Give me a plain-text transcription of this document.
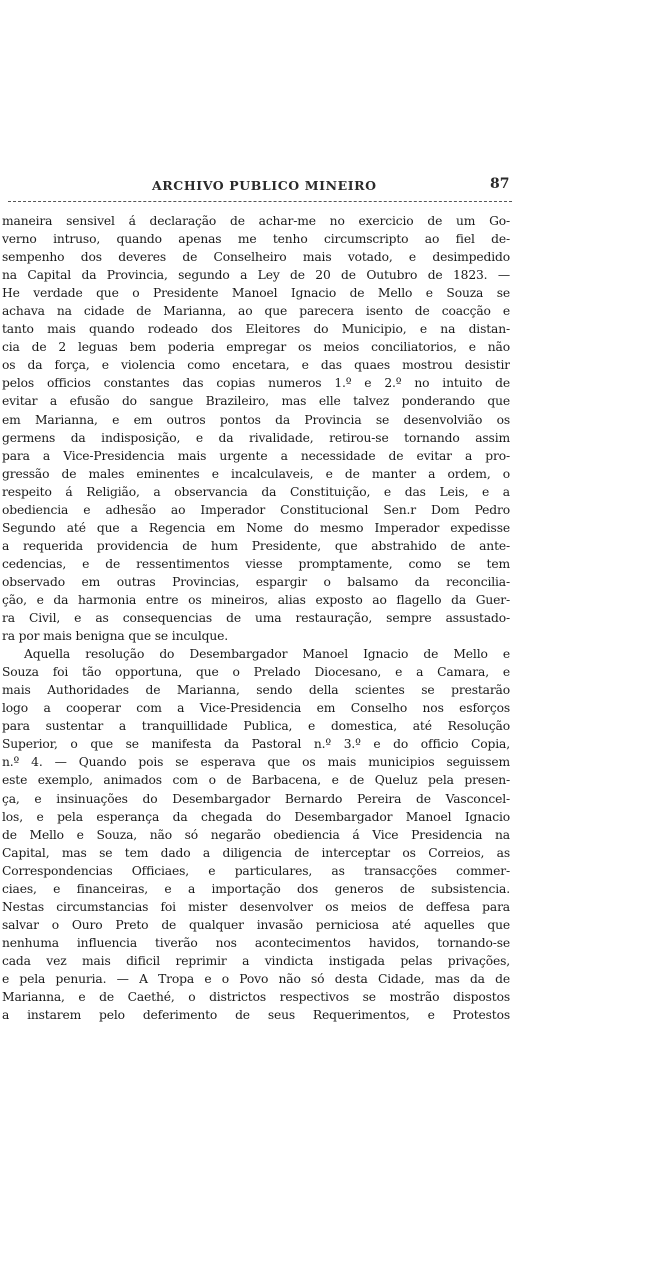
ARCHIVO PUBLICO MINEIRO	87
maneira sensivel á declaração de achar-me no exercicio de um Go-
verno intruso, quando apenas me tenho circumscripto ao fiel de-
sempenho dos deveres de Conselheiro mais votado, e desimpedido
na Capital da Provincia, segundo a Ley de 20 de Outubro de 1823. —
He verdade que o Presidente Manoel Ignacio de Mello e Souza se
achava na cidade de Marianna, ao que parecera isento de coacção e
tanto mais quando rodeado dos Eleitores do Municipio, e na distan-
cia de 2 leguas bem poderia empregar os meios conciliatorios, e não
os da força, e violencia como encetara, e das quaes mostrou desistir
pelos officios constantes das copias numeros 1.º e 2.º no intuito de
evitar a efusão do sangue Brazileiro, mas elle talvez ponderando que
em Marianna, e em outros pontos da Provincia se desenvolvião os
germens da indisposição, e da rivalidade, retirou-se tornando assim
para a Vice-Presidencia mais urgente a necessidade de evitar a pro-
gressão de males eminentes e incalculaveis, e de manter a ordem, o
respeito á Religião, a observancia da Constituição, e das Leis, e a
obediencia e adhesão ao Imperador Constitucional Sen.r Dom Pedro
Segundo até que a Regencia em Nome do mesmo Imperador expedisse
a requerida providencia de hum Presidente, que abstrahido de ante-
cedencias, e de ressentimentos viesse promptamente, como se tem
observado em outras Provincias, espargir o balsamo da reconcilia-
ção, e da harmonia entre os mineiros, alias exposto ao flagello da Guer-
ra Civil, e as consequencias de uma restauração, sempre assustado-
ra por mais benigna que se inculque.
Aquella resolução do Desembargador Manoel Ignacio de Mello e
Souza foi tão opportuna, que o Prelado Diocesano, e a Camara, e
mais Authoridades de Marianna, sendo della scientes se prestarão
logo a cooperar com a Vice-Presidencia em Conselho nos esforços
para sustentar a tranquillidade Publica, e domestica, até Resolução
Superior, o que se manifesta da Pastoral n.º 3.º e do officio Copia,
n.º 4. — Quando pois se esperava que os mais municipios seguissem
este exemplo, animados com o de Barbacena, e de Queluz pela presen-
ça, e insinuações do Desembargador Bernardo Pereira de Vasconcel-
los, e pela esperança da chegada do Desembargador Manoel Ignacio
de Mello e Souza, não só negarão obediencia á Vice Presidencia na
Capital, mas se tem dado a diligencia de interceptar os Correios, as
Correspondencias Officiaes, e particulares, as transacções commer-
ciaes, e financeiras, e a importação dos generos de subsistencia.
Nestas circumstancias foi mister desenvolver os meios de deffesa para
salvar o Ouro Preto de qualquer invasão perniciosa até aquelles que
nenhuma influencia tiverão nos acontecimentos havidos, tornando-se
cada vez mais dificil reprimir a vindicta instigada pelas privações,
e pela penuria. — A Tropa e o Povo não só desta Cidade, mas da de
Marianna, e de Caethé, o districtos respectivos se mostrão dispostos
a instarem pelo deferimento de seus Requerimentos, e Protestos
